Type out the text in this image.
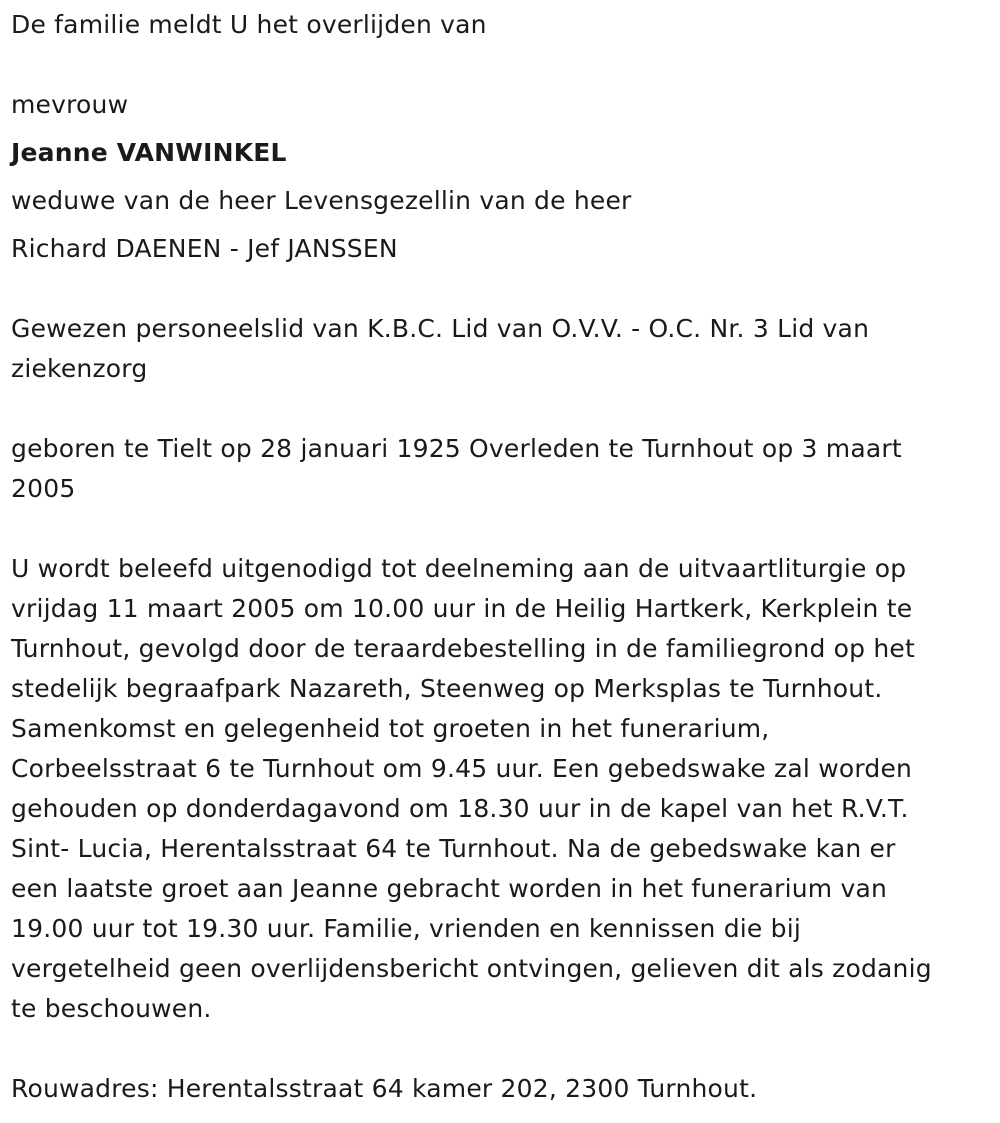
De familie meldt U het overlijden van
mevrouw
Jeanne VANWINKEL
weduwe van de heer Levensgezellin van de heer
Richard DAENEN - Jef JANSSEN
Gewezen personeelslid van K.B.C. Lid van O.V.V. - O.C. Nr. 3 Lid van
ziekenzorg
geboren te Tielt op 28 januari 1925 Overleden te Turnhout op 3 maart
2005
U wordt beleefd uitgenodigd tot deelneming aan de uitvaartliturgie op
vrijdag 11 maart 2005 om 10.00 uur in de Heilig Hartkerk, Kerkplein te
Turnhout, gevolgd door de teraardebestelling in de familiegrond op het
stedelijk begraafpark Nazareth, Steenweg op Merksplas te Turnhout.
Samenkomst en gelegenheid tot groeten in het funerarium,
Corbeelsstraat 6 te Turnhout om 9.45 uur. Een gebedswake zal worden
gehouden op donderdagavond om 18.30 uur in de kapel van het R.V.T.
Sint- Lucia, Herentalsstraat 64 te Turnhout. Na de gebedswake kan er
een laatste groet aan Jeanne gebracht worden in het funerarium van
19.00 uur tot 19.30 uur. Familie, vrienden en kennissen die bij
vergetelheid geen overlijdensbericht ontvingen, gelieven dit als zodanig
te beschouwen.
Rouwadres: Herentalsstraat 64 kamer 202, 2300 Turnhout.
